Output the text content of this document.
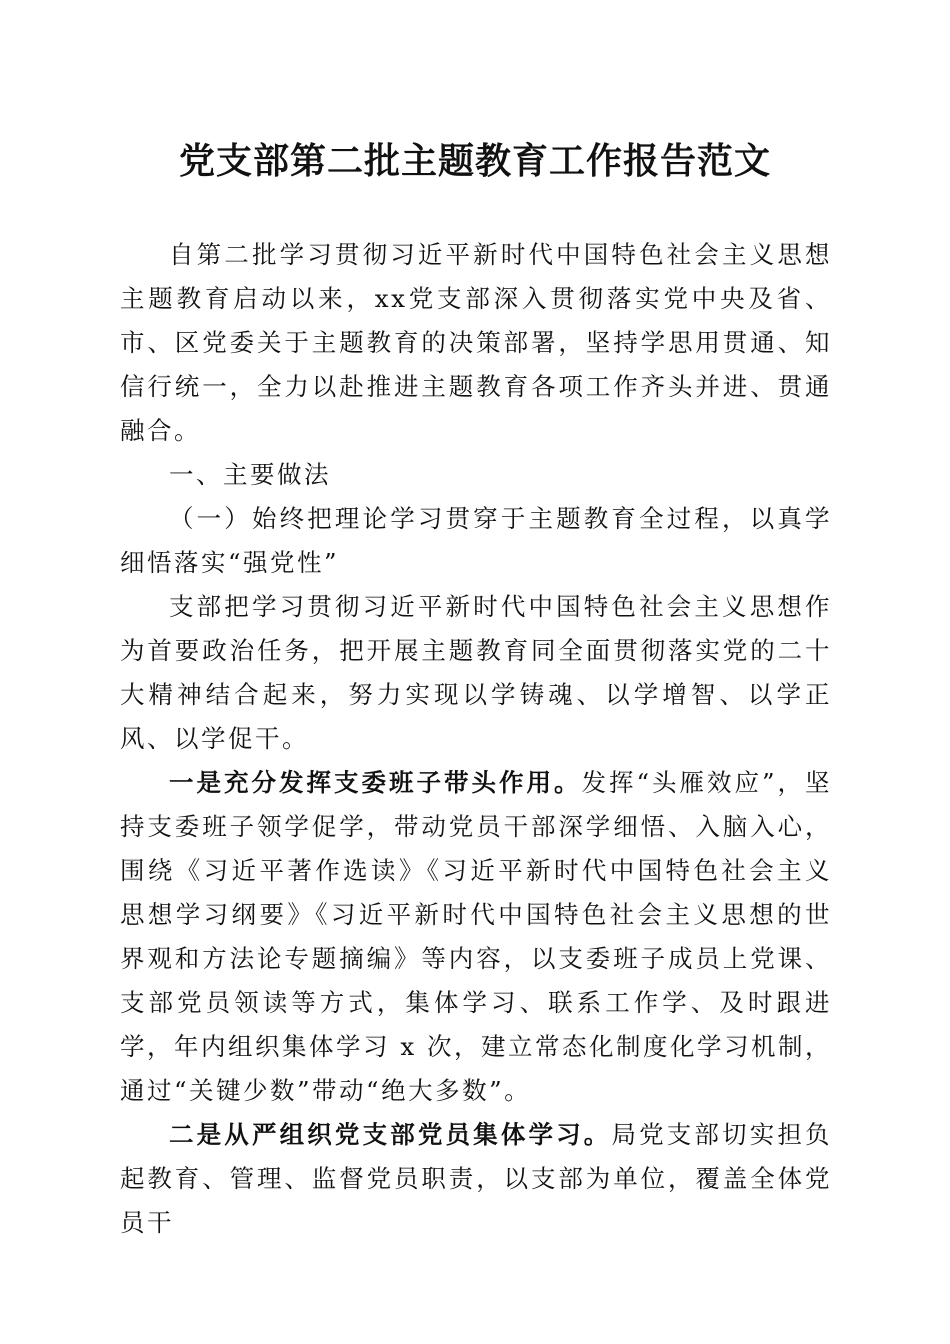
党支部第二批主题教育工作报告范文

自第二批学习贯彻习近平新时代中国特色社会主义思想主题教育启动以来，xx党支部深入贯彻落实党中央及省、市、区党委关于主题教育的决策部署，坚持学思用贯通、知信行统一，全力以赴推进主题教育各项工作齐头并进、贯通融合。

一、主要做法

（一）始终把理论学习贯穿于主题教育全过程，以真学细悟落实“强党性”

支部把学习贯彻习近平新时代中国特色社会主义思想作为首要政治任务，把开展主题教育同全面贯彻落实党的二十大精神结合起来，努力实现以学铸魂、以学增智、以学正风、以学促干。

一是充分发挥支委班子带头作用。发挥“头雁效应”，坚持支委班子领学促学，带动党员干部深学细悟、入脑入心，围绕《习近平著作选读》《习近平新时代中国特色社会主义思想学习纲要》《习近平新时代中国特色社会主义思想的世界观和方法论专题摘编》等内容，以支委班子成员上党课、支部党员领读等方式，集体学习、联系工作学、及时跟进学，年内组织集体学习 x 次，建立常态化制度化学习机制，通过“关键少数”带动“绝大多数”。

二是从严组织党支部党员集体学习。局党支部切实担负起教育、管理、监督党员职责，以支部为单位，覆盖全体党员干
